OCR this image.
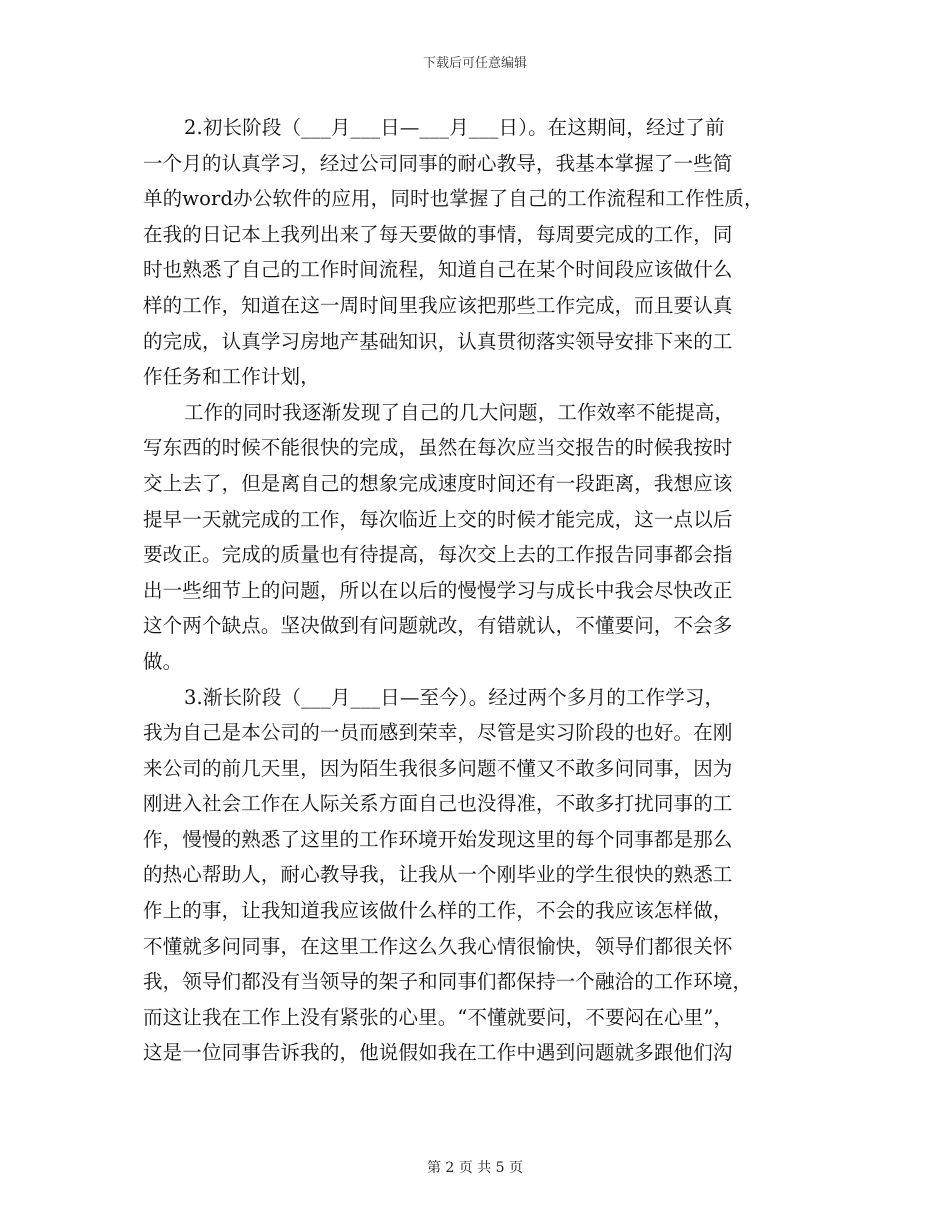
下载后可任意编辑
2.初长阶段（___月___日—___月___日）。在这期间，经过了前
一个月的认真学习，经过公司同事的耐心教导，我基本掌握了一些简
单的word办公软件的应用，同时也掌握了自己的工作流程和工作性质，
在我的日记本上我列出来了每天要做的事情，每周要完成的工作，同
时也熟悉了自己的工作时间流程，知道自己在某个时间段应该做什么
样的工作，知道在这一周时间里我应该把那些工作完成，而且要认真
的完成，认真学习房地产基础知识，认真贯彻落实领导安排下来的工
作任务和工作计划，
工作的同时我逐渐发现了自己的几大问题，工作效率不能提高，
写东西的时候不能很快的完成，虽然在每次应当交报告的时候我按时
交上去了，但是离自己的想象完成速度时间还有一段距离，我想应该
提早一天就完成的工作，每次临近上交的时候才能完成，这一点以后
要改正。完成的质量也有待提高，每次交上去的工作报告同事都会指
出一些细节上的问题，所以在以后的慢慢学习与成长中我会尽快改正
这个两个缺点。坚决做到有问题就改，有错就认，不懂要问，不会多
做。
3.渐长阶段（___月___日—至今）。经过两个多月的工作学习，
我为自己是本公司的一员而感到荣幸，尽管是实习阶段的也好。在刚
来公司的前几天里，因为陌生我很多问题不懂又不敢多问同事，因为
刚进入社会工作在人际关系方面自己也没得准，不敢多打扰同事的工
作，慢慢的熟悉了这里的工作环境开始发现这里的每个同事都是那么
的热心帮助人，耐心教导我，让我从一个刚毕业的学生很快的熟悉工
作上的事，让我知道我应该做什么样的工作，不会的我应该怎样做，
不懂就多问同事，在这里工作这么久我心情很愉快，领导们都很关怀
我，领导们都没有当领导的架子和同事们都保持一个融洽的工作环境，
而这让我在工作上没有紧张的心里。“不懂就要问，不要闷在心里”，
这是一位同事告诉我的，他说假如我在工作中遇到问题就多跟他们沟
第 2 页 共 5 页
